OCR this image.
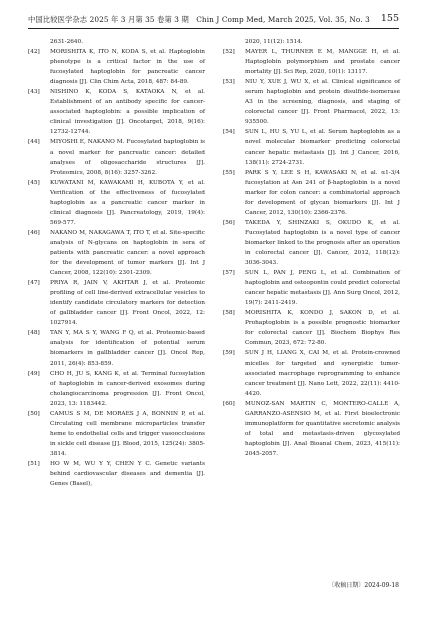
中国比较医学杂志 2025 年 3 月第 35 卷第 3 期　Chin J Comp Med, March 2025, Vol. 35, No. 3 155
2631-2640.
[42] MORISHITA K, ITO N, KODA S, et al. Haptoglobin phenotype is a critical factor in the use of fucosylated haptoglobin for pancreatic cancer diagnosis [J]. Clin Chim Acta, 2018, 487: 84-89.
[43] NISHINO K, KODA S, KATAOKA N, et al. Establishment of an antibody specific for cancer-associated haptoglobin: a possible implication of clinical investigation [J]. Oncotarget, 2018, 9(16): 12732-12744.
[44] MIYOSHI E, NAKANO M. Fucosylated haptoglobin is a novel marker for pancreatic cancer: detailed analyses of oligosaccharide structures [J]. Proteomics, 2008, 8(16): 3257-3262.
[45] KUWATANI M, KAWAKAMI H, KUBOTA Y, et al. Verification of the effectiveness of fucosylated haptoglobin as a pancreatic cancer marker in clinical diagnosis [J]. Pancreatology, 2019, 19(4): 569-577.
[46] NAKANO M, NAKAGAWA T, ITO T, et al. Site-specific analysis of N-glycans on haptoglobin in sera of patients with pancreatic cancer: a novel approach for the development of tumor markers [J]. Int J Cancer, 2008, 122(10): 2301-2309.
[47] PRIYA R, JAIN V, AKHTAR J, et al. Proteomic profiling of cell line-derived extracellular vesicles to identify candidate circulatory markers for detection of gallbladder cancer [J]. Front Oncol, 2022, 12: 1027914.
[48] TAN Y, MA S Y, WANG F Q, et al. Proteomic-based analysis for identification of potential serum biomarkers in gallbladder cancer [J]. Oncol Rep, 2011, 26(4): 853-859.
[49] CHO H, JU S, KANG K, et al. Terminal fucosylation of haptoglobin in cancer-derived exosomes during cholangiocarcinoma progression [J]. Front Oncol, 2023, 13: 1183442.
[50] CAMUS S M, DE MORAES J A, BONNIN P, et al. Circulating cell membrane microparticles transfer heme to endothelial cells and trigger vasoocclusions in sickle cell disease [J]. Blood, 2015, 125(24): 3805-3814.
[51] HO W M, WU Y Y, CHEN Y C. Genetic variants behind cardiovascular diseases and dementia [J]. Genes (Basel),
2020, 11(12): 1514.
[52] MAYER L, THURNER E M, MANGGE H, et al. Haptoglobin polymorphism and prostate cancer mortality [J]. Sci Rep, 2020, 10(1): 13117.
[53] NIU Y, XUE J, WU X, et al. Clinical significance of serum haptoglobin and protein disulfide-isomerase A3 in the screening, diagnosis, and staging of colorectal cancer [J]. Front Pharmacol, 2022, 13: 935500.
[54] SUN L, HU S, YU L, et al. Serum haptoglobin as a novel molecular biomarker predicting colorectal cancer hepatic metastasis [J]. Int J Cancer, 2016, 138(11): 2724-2731.
[55] PARK S Y, LEE S H, KAWASAKI N, et al. α1-3/4 fucosylation at Asn 241 of β-haptoglobin is a novel marker for colon cancer: a combinatorial approach for development of glycan biomarkers [J]. Int J Cancer, 2012, 130(10): 2366-2376.
[56] TAKEDA Y, SHINZAKI S, OKUDO K, et al. Fucosylated haptoglobin is a novel type of cancer biomarker linked to the prognosis after an operation in colorectal cancer [J]. Cancer, 2012, 118(12): 3036-3043.
[57] SUN L, PAN J, PENG L, et al. Combination of haptoglobin and osteopontin could predict colorectal cancer hepatic metastasis [J]. Ann Surg Oncol, 2012, 19(7): 2411-2419.
[58] MORISHITA K, KONDO J, SAKON D, et al. Prohaptoglobin is a possible prognostic biomarker for colorectal cancer [J]. Biochem Biophys Res Commun, 2023, 672: 72-80.
[59] SUN J H, LIANG X, CAI M, et al. Protein-crowned micelles for targeted and synergistic tumor-associated macrophage reprogramming to enhance cancer treatment [J]. Nano Lett, 2022, 22(11): 4410-4420.
[60] MUNOZ-SAN MARTIN C, MONTERO-CALLE A, GARRANZO-ASENSIO M, et al. First bioelectronic immunoplatform for quantitative secretomic analysis of total and metastasis-driven glycosylated haptoglobin [J]. Anal Bioanal Chem, 2023, 415(11): 2045-2057.
〔收稿日期〕2024-09-18
